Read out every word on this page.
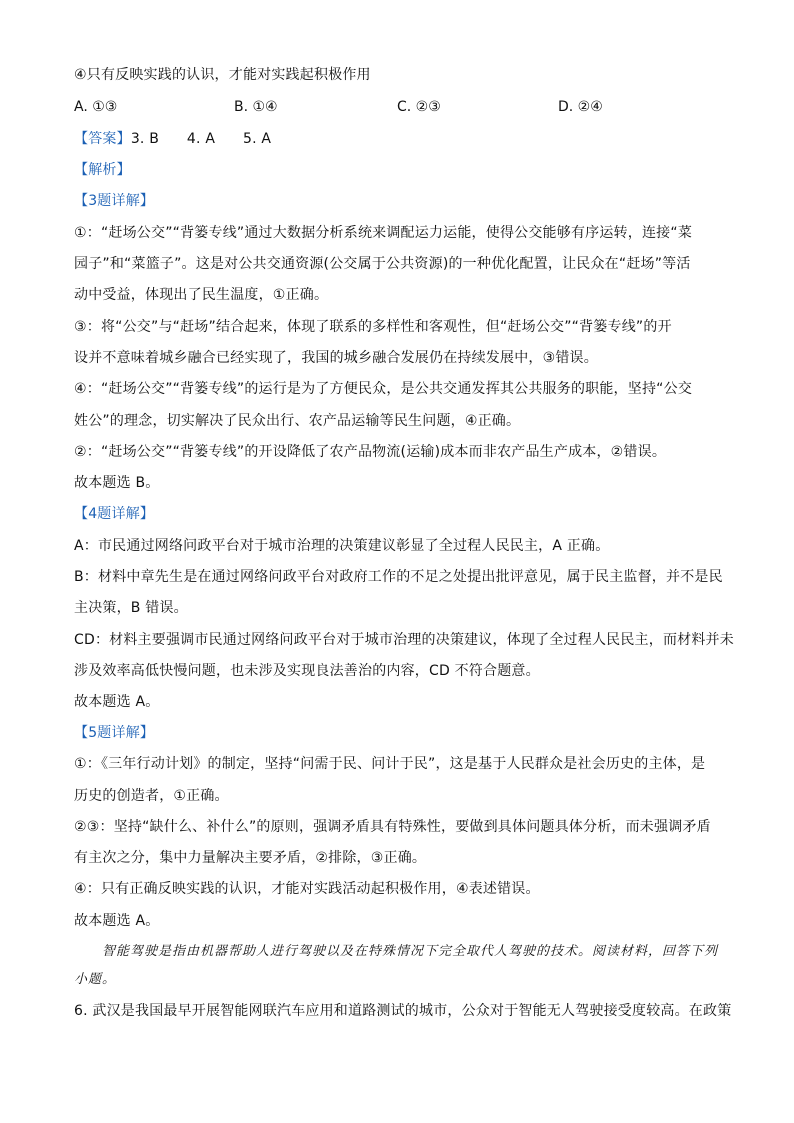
④只有反映实践的认识，才能对实践起积极作用
A. ①③	B. ①④	C. ②③	D. ②④
【答案】3. B      4. A      5. A
【解析】
【3题详解】
①：“赶场公交”“背篓专线”通过大数据分析系统来调配运力运能，使得公交能够有序运转，连接“菜
园子”和“菜篮子”。这是对公共交通资源(公交属于公共资源)的一种优化配置，让民众在“赶场”等活
动中受益，体现出了民生温度，①正确。
③：将“公交”与“赶场”结合起来，体现了联系的多样性和客观性，但“赶场公交”“背篓专线”的开
设并不意味着城乡融合已经实现了，我国的城乡融合发展仍在持续发展中，③错误。
④：“赶场公交”“背篓专线”的运行是为了方便民众，是公共交通发挥其公共服务的职能，坚持“公交
姓公”的理念，切实解决了民众出行、农产品运输等民生问题，④正确。
②：“赶场公交”“背篓专线”的开设降低了农产品物流(运输)成本而非农产品生产成本，②错误。
故本题选 B。
【4题详解】
A：市民通过网络问政平台对于城市治理的决策建议彰显了全过程人民民主，A 正确。
B：材料中章先生是在通过网络问政平台对政府工作的不足之处提出批评意见，属于民主监督，并不是民
主决策，B 错误。
CD：材料主要强调市民通过网络问政平台对于城市治理的决策建议，体现了全过程人民民主，而材料并未
涉及效率高低快慢问题，也未涉及实现良法善治的内容，CD 不符合题意。
故本题选 A。
【5题详解】
①：《三年行动计划》的制定，坚持“问需于民、问计于民”，这是基于人民群众是社会历史的主体，是
历史的创造者，①正确。
②③：坚持“缺什么、补什么”的原则，强调矛盾具有特殊性，要做到具体问题具体分析，而未强调矛盾
有主次之分，集中力量解决主要矛盾，②排除，③正确。
④：只有正确反映实践的认识，才能对实践活动起积极作用，④表述错误。
故本题选 A。
智能驾驶是指由机器帮助人进行驾驶以及在特殊情况下完全取代人驾驶的技术。阅读材料，回答下列
小题。
6. 武汉是我国最早开展智能网联汽车应用和道路测试的城市，公众对于智能无人驾驶接受度较高。在政策
